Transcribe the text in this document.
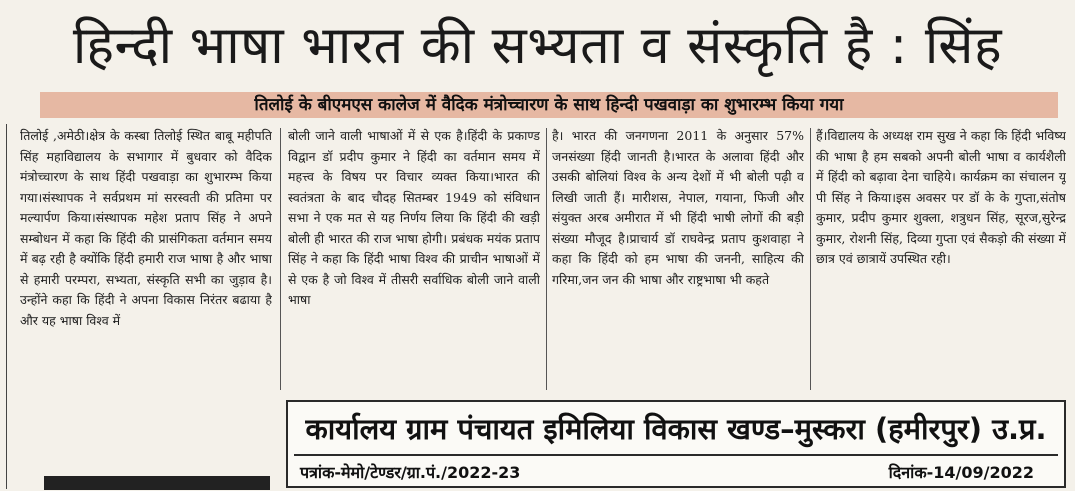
हिन्दी भाषा भारत की सभ्यता व संस्कृति है : सिंह
तिलोई के बीएमएस कालेज में वैदिक मंत्रोच्चारण के साथ हिन्दी पखवाड़ा का शुभारम्भ किया गया

तिलोई ,अमेठी।क्षेत्र के कस्बा तिलोई स्थित बाबू महीपति सिंह महाविद्यालय के सभागार में बुधवार को वैदिक मंत्रोच्चारण के साथ हिंदी पखवाड़ा का शुभारम्भ किया गया।संस्थापक ने सर्वप्रथम मां सरस्वती की प्रतिमा पर मल्यार्पण किया।संस्थापक महेश प्रताप सिंह ने अपने सम्बोधन में कहा कि हिंदी की प्रासंगिकता वर्तमान समय में बढ़ रही है क्योंकि हिंदी हमारी राज भाषा है और भाषा से हमारी परम्परा, सभ्यता, संस्कृति सभी का जुड़ाव है। उन्होंने कहा कि हिंदी ने अपना विकास निरंतर बढाया है और यह भाषा विश्व में

बोली जाने वाली भाषाओं में से एक है।हिंदी के प्रकाण्ड विद्वान डॉ प्रदीप कुमार ने हिंदी का वर्तमान समय में महत्त्व के विषय पर विचार व्यक्त किया।भारत की स्वतंत्रता के बाद चौदह सितम्बर 1949 को संविधान सभा ने एक मत से यह निर्णय लिया कि हिंदी की खड़ी बोली ही भारत की राज भाषा होगी। प्रबंधक मयंक प्रताप सिंह ने कहा कि हिंदी भाषा विश्व की प्राचीन भाषाओं में से एक है जो विश्व में तीसरी सर्वाधिक बोली जाने वाली भाषा

है। भारत की जनगणना 2011 के अनुसार 57% जनसंख्या हिंदी जानती है।भारत के अलावा हिंदी और उसकी बोलियां विश्व के अन्य देशों में भी बोली पढ़ी व लिखी जाती हैं। मारीशस, नेपाल, गयाना, फिजी और संयुक्त अरब अमीरात में भी हिंदी भाषी लोगों की बड़ी संख्या मौजूद है।प्राचार्य डॉ राघवेन्द्र प्रताप कुशवाहा ने कहा कि हिंदी को हम भाषा की जननी, साहित्य की गरिमा,जन जन की भाषा और राष्ट्रभाषा भी कहते

हैं।विद्यालय के अध्यक्ष राम सुख ने कहा कि हिंदी भविष्य की भाषा है हम सबको अपनी बोली भाषा व कार्यशैली में हिंदी को बढ़ावा देना चाहिये। कार्यक्रम का संचालन यू पी सिंह ने किया।इस अवसर पर डॉ के के गुप्ता,संतोष कुमार, प्रदीप कुमार शुक्ला, शत्रुधन सिंह, सूरज,सुरेन्द्र कुमार, रोशनी सिंह, दिव्या गुप्ता एवं सैकड़ो की संख्या में छात्र एवं छात्रायें उपस्थित रही।

कार्यालय ग्राम पंचायत इमिलिया विकास खण्ड–मुस्करा (हमीरपुर) उ.प्र.
पत्रांक-मेमो/टेण्डर/ग्रा.पं./2022-23	दिनांक-14/09/2022
